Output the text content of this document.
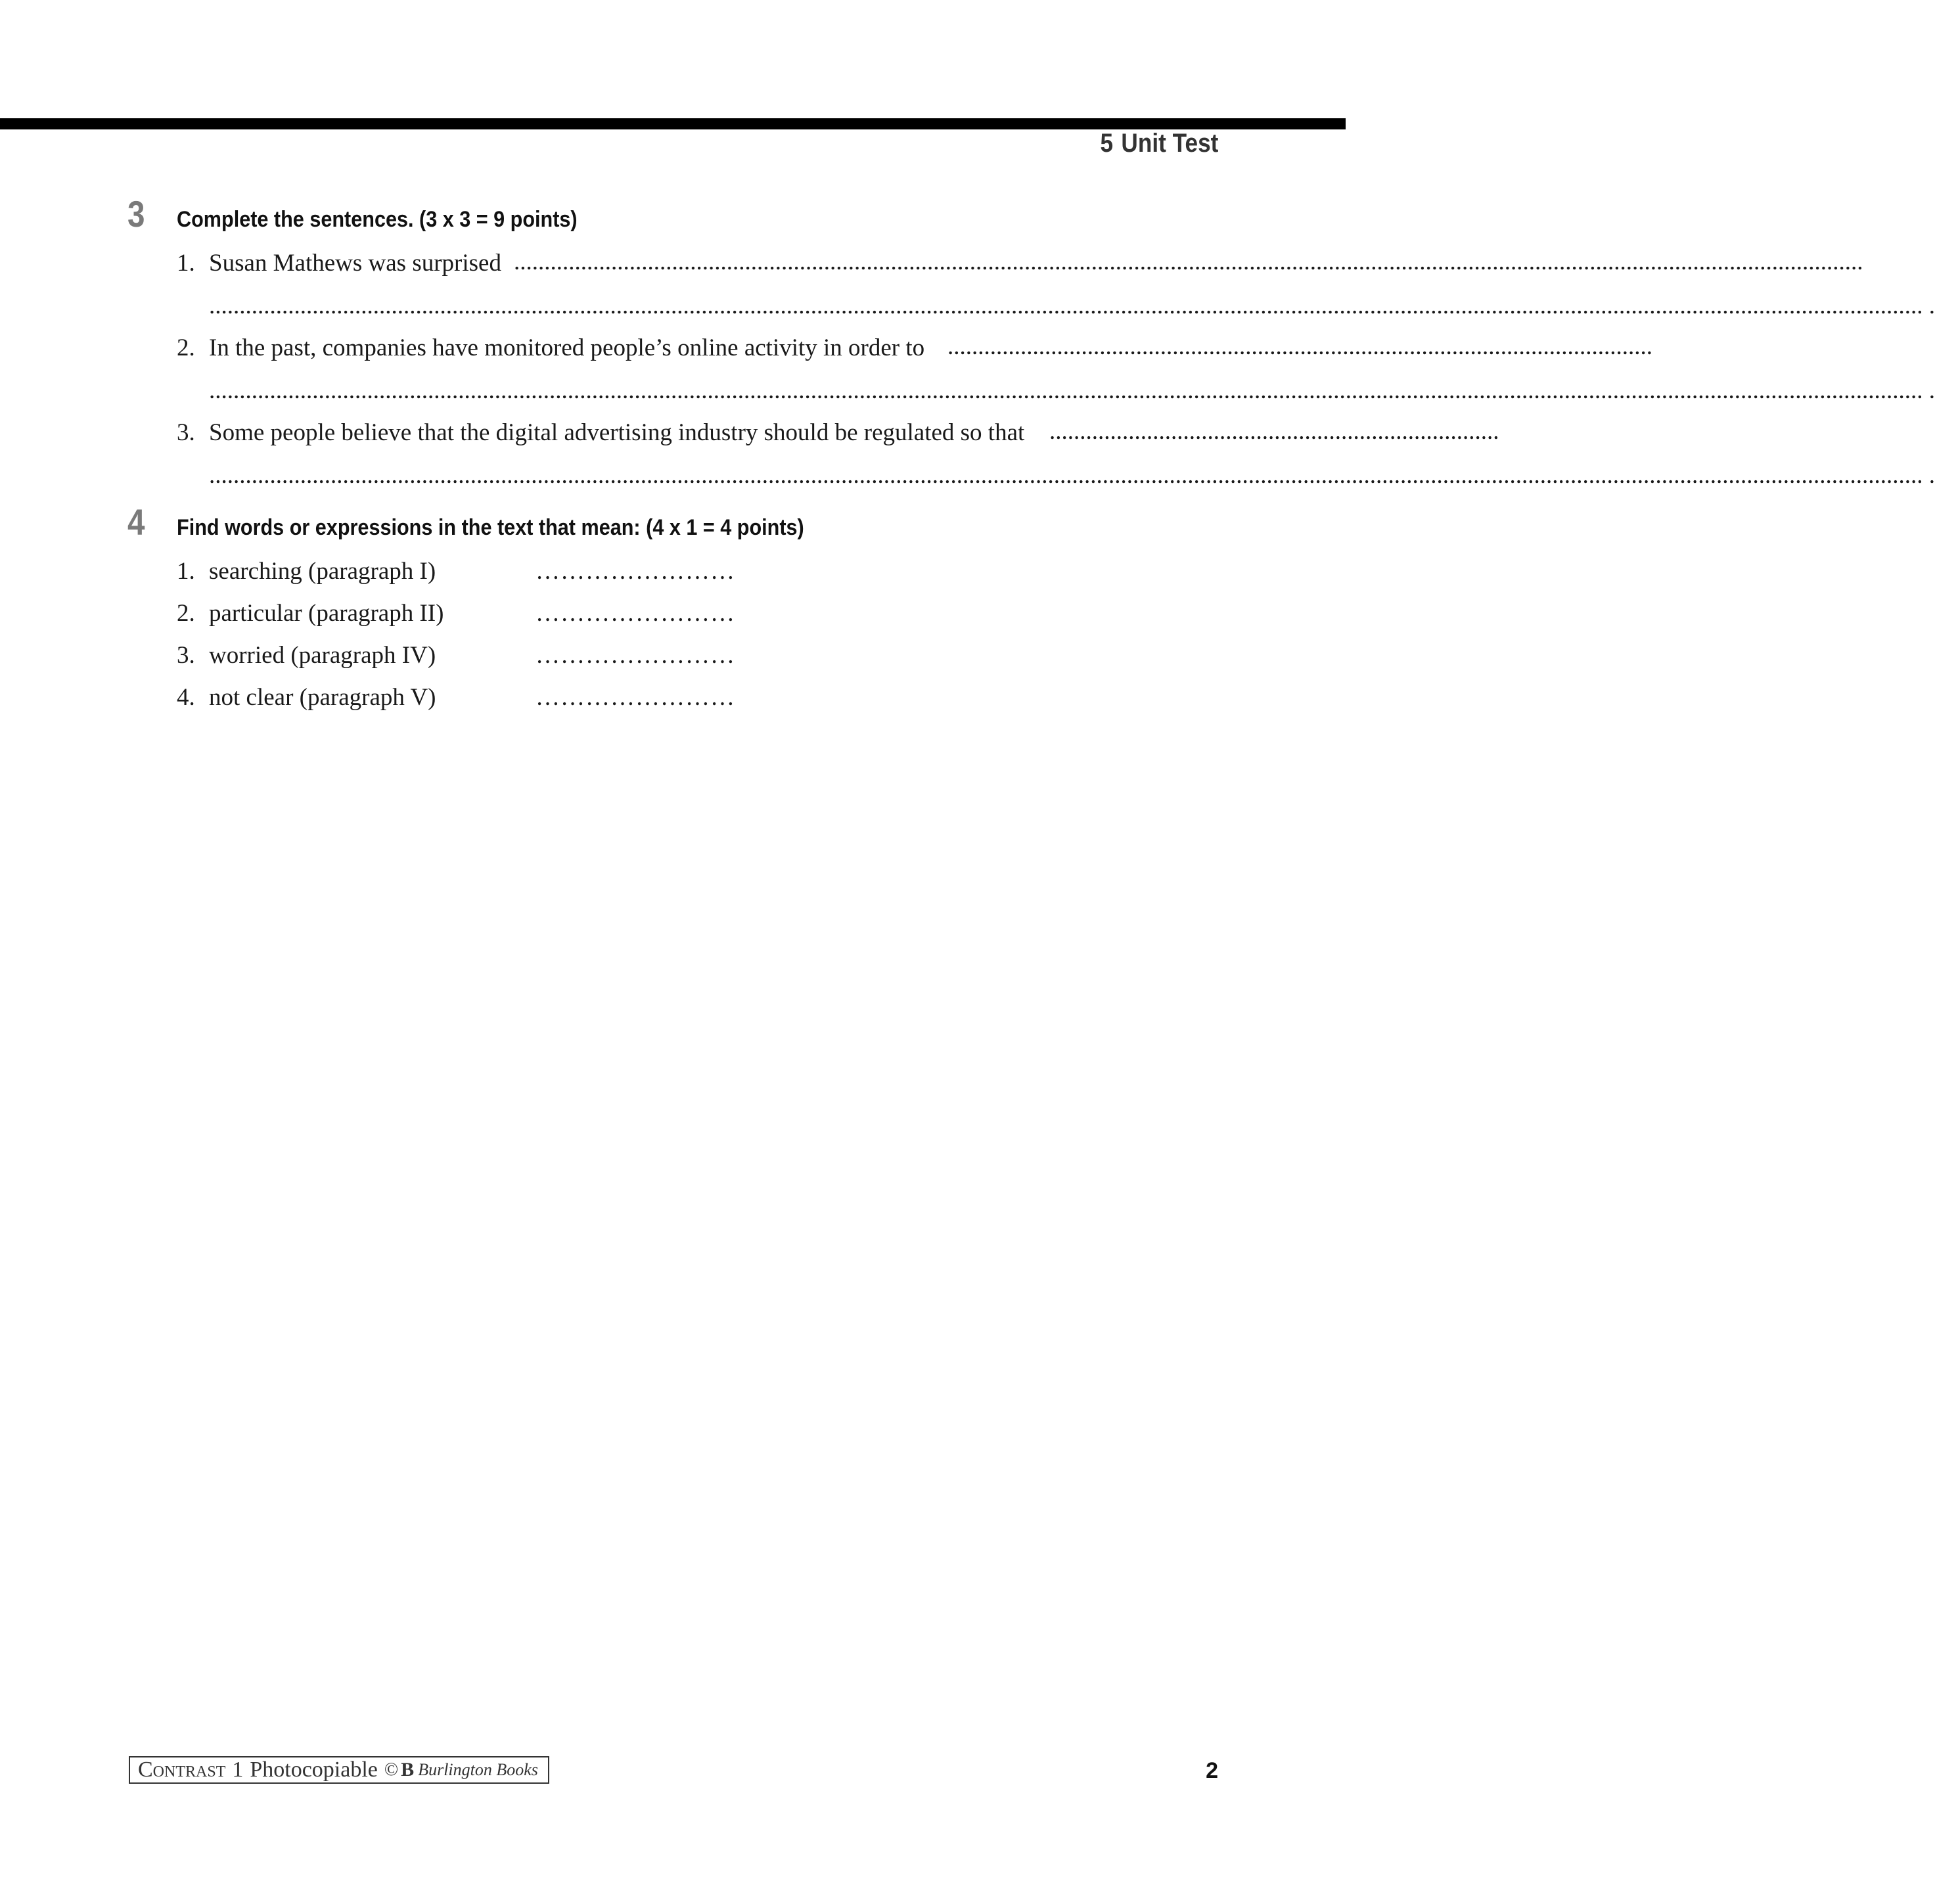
5 Unit Test
3 Complete the sentences. (3 x 3 = 9 points)
1. Susan Mathews was surprised ..............................................................................................................................................................................................................................
.......................................................................................................................................................................................................................................................................................... .
2. In the past, companies have monitored people’s online activity in order to ....................................................................................................................
.......................................................................................................................................................................................................................................................................................... .
3. Some people believe that the digital advertising industry should be regulated so that ..........................................................................
.......................................................................................................................................................................................................................................................................................... .
4 Find words or expressions in the text that mean: (4 x 1 = 4 points)
1. searching (paragraph I)	……………………
2. particular (paragraph II)	……………………
3. worried (paragraph IV)	……………………
4. not clear (paragraph V)	……………………
Contrast 1 Photocopiable © B Burlington Books	2
